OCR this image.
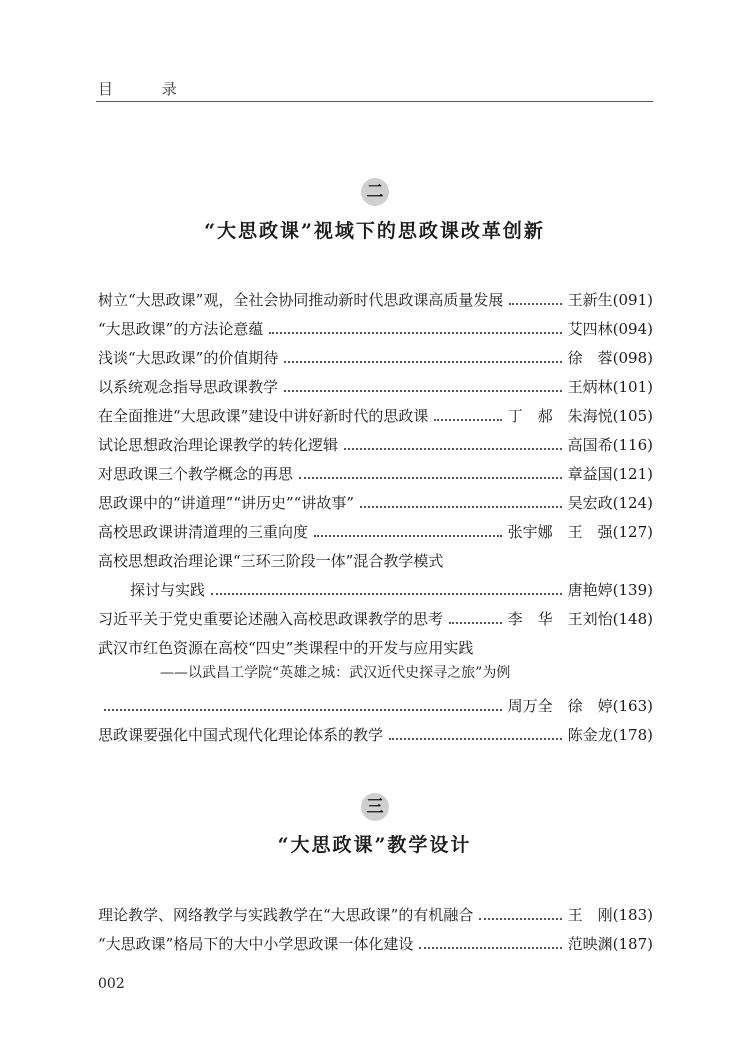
目 录
二
“大思政课”视域下的思政课改革创新
树立“大思政课”观，全社会协同推动新时代思政课高质量发展	王新生 (091)
“大思政课”的方法论意蕴	艾四林 (094)
浅谈“大思政课”的价值期待	徐　蓉 (098)
以系统观念指导思政课教学	王炳林 (101)
在全面推进“大思政课”建设中讲好新时代的思政课	丁　郝　朱海悦 (105)
试论思想政治理论课教学的转化逻辑	高国希 (116)
对思政课三个教学概念的再思	章益国 (121)
思政课中的“讲道理”“讲历史”“讲故事”	吴宏政 (124)
高校思政课讲清道理的三重向度	张宇娜　王　强 (127)
高校思想政治理论课“三环三阶段一体”混合教学模式
探讨与实践	唐艳婷 (139)
习近平关于党史重要论述融入高校思政课教学的思考	李　华　王刘怡 (148)
武汉市红色资源在高校“四史”类课程中的开发与应用实践
——以武昌工学院“英雄之城：武汉近代史探寻之旅”为例
周万全　徐　婷 (163)
思政课要强化中国式现代化理论体系的教学	陈金龙 (178)
三
“大思政课”教学设计
理论教学、网络教学与实践教学在“大思政课”的有机融合	王　刚 (183)
“大思政课”格局下的大中小学思政课一体化建设	范映渊 (187)
002
